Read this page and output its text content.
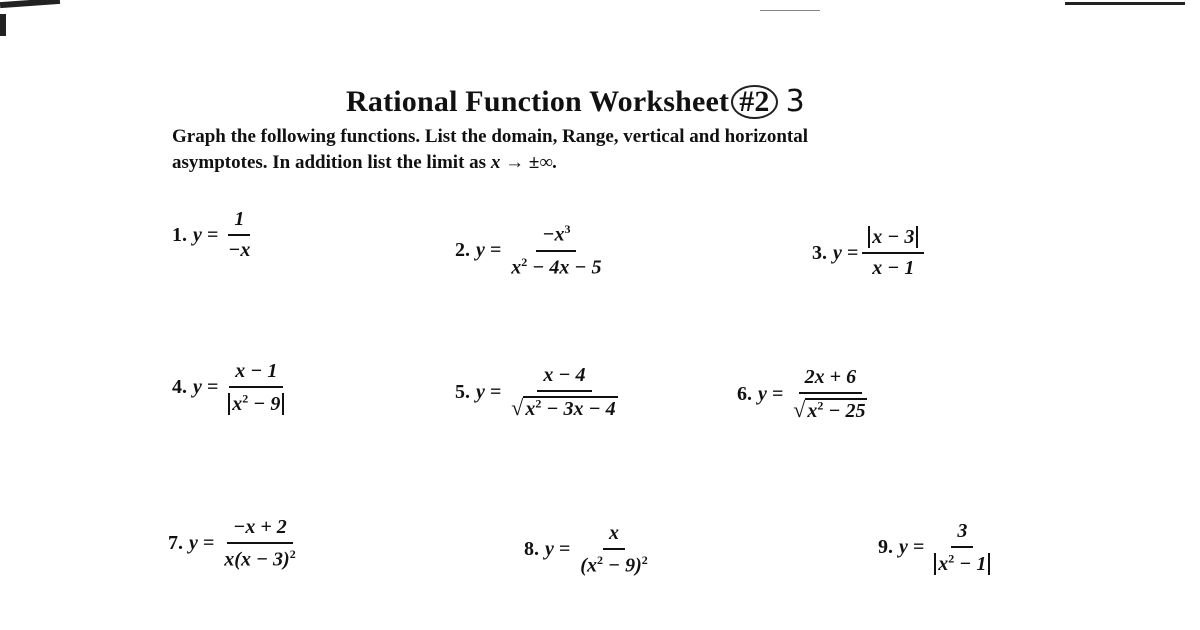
Rational Function Worksheet #2 3
Graph the following functions. List the domain, Range, vertical and horizontal
asymptotes. In addition list the limit as x → ±∞.
1. $y = \frac{1}{-x}$	2. $y = \frac{-x^3}{x^2 - 4x - 5}$	3. $y = \frac{x - 3}{x - 1}$
4. $y = \frac{x - 1}{x^2 - 9}$	5. $y = \frac{x - 4}{√ x^2 - 3x - 4}$	6. $y = \frac{2x + 6}{√ x^2 - 25}$
7. $y = \frac{-x + 2}{x(x - 3)^2}$	8. $y = \frac{x}{(x^2 - 9)^2}$	9. $y = \frac{3}{x^2 - 1}$
